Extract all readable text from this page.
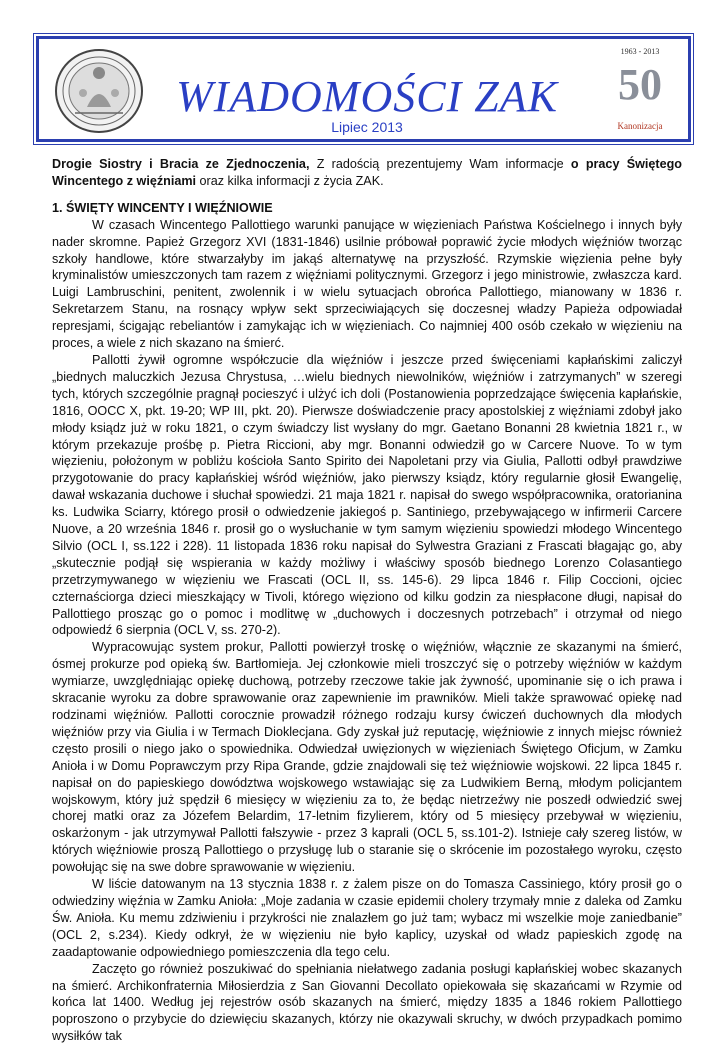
WIADOMOŚCI ZAK
Lipiec 2013
1963 - 2013
50
Kanonizacja

Drogie Siostry i Bracia ze Zjednoczenia, Z radością prezentujemy Wam informacje o pracy Świętego Wincentego z więźniami oraz kilka informacji z życia ZAK.

1. ŚWIĘTY WINCENTY I WIĘŹNIOWIE

W czasach Wincentego Pallottiego warunki panujące w więzieniach Państwa Kościelnego i innych były nader skromne. Papież Grzegorz XVI (1831-1846) usilnie próbował poprawić życie młodych więźniów tworząc szkoły handlowe, które stwarzałyby im jakąś alternatywę na przyszłość. Rzymskie więzienia pełne były kryminalistów umieszczonych tam razem z więźniami politycznymi. Grzegorz i jego ministrowie, zwłaszcza kard. Luigi Lambruschini, penitent, zwolennik i w wielu sytuacjach obrońca Pallottiego, mianowany w 1836 r. Sekretarzem Stanu, na rosnący wpływ sekt sprzeciwiających się doczesnej władzy Papieża odpowiadał represjami, ścigając rebeliantów i zamykając ich w więzieniach. Co najmniej 400 osób czekało w więzieniu na proces, a wiele z nich skazano na śmierć.

Pallotti żywił ogromne współczucie dla więźniów i jeszcze przed święceniami kapłańskimi zaliczył „biednych maluczkich Jezusa Chrystusa, …wielu biednych niewolników, więźniów i zatrzymanych” w szeregi tych, których szczególnie pragnął pocieszyć i ulżyć ich doli (Postanowienia poprzedzające święcenia kapłańskie, 1816, OOCC X, pkt. 19-20; WP III, pkt. 20). Pierwsze doświadczenie pracy apostolskiej z więźniami zdobył jako młody ksiądz już w roku 1821, o czym świadczy list wysłany do mgr. Gaetano Bonanni 28 kwietnia 1821 r., w którym przekazuje prośbę p. Pietra Riccioni, aby mgr. Bonanni odwiedził go w Carcere Nuove. To w tym więzieniu, położonym w pobliżu kościoła Santo Spirito dei Napoletani przy via Giulia, Pallotti odbył prawdziwe przygotowanie do pracy kapłańskiej wśród więźniów, jako pierwszy ksiądz, który regularnie głosił Ewangelię, dawał wskazania duchowe i słuchał spowiedzi. 21 maja 1821 r. napisał do swego współpracownika, oratorianina ks. Ludwika Sciarry, którego prosił o odwiedzenie jakiegoś p. Santiniego, przebywającego w infirmerii Carcere Nuove, a 20 września 1846 r. prosił go o wysłuchanie w tym samym więzieniu spowiedzi młodego Wincentego Silvio (OCL I, ss.122 i 228). 11 listopada 1836 roku napisał do Sylwestra Graziani z Frascati błagając go, aby „skutecznie podjął się wspierania w każdy możliwy i właściwy sposób biednego Lorenzo Colasantiego przetrzymywanego w więzieniu we Frascati (OCL II, ss. 145-6). 29 lipca 1846 r. Filip Coccioni, ojciec czternaściorga dzieci mieszkający w Tivoli, którego więziono od kilku godzin za niespłacone długi, napisał do Pallottiego prosząc go o pomoc i modlitwę w „duchowych i doczesnych potrzebach” i otrzymał od niego odpowiedź 6 sierpnia (OCL V, ss. 270-2).

Wypracowując system prokur, Pallotti powierzył troskę o więźniów, włącznie ze skazanymi na śmierć, ósmej prokurze pod opieką św. Bartłomieja. Jej członkowie mieli troszczyć się o potrzeby więźniów w każdym wymiarze, uwzględniając opiekę duchową, potrzeby rzeczowe takie jak żywność, upominanie się o ich prawa i skracanie wyroku za dobre sprawowanie oraz zapewnienie im prawników. Mieli także sprawować opiekę nad rodzinami więźniów. Pallotti corocznie prowadził różnego rodzaju kursy ćwiczeń duchownych dla młodych więźniów przy via Giulia i w Termach Dioklecjana. Gdy zyskał już reputację, więźniowie z innych miejsc również często prosili o niego jako o spowiednika. Odwiedzał uwięzionych w więzieniach Świętego Oficjum, w Zamku Anioła i w Domu Poprawczym przy Ripa Grande, gdzie znajdowali się też więźniowie wojskowi. 22 lipca 1845 r. napisał on do papieskiego dowództwa wojskowego wstawiając się za Ludwikiem Berną, młodym policjantem wojskowym, który już spędził 6 miesięcy w więzieniu za to, że będąc nietrzeźwy nie poszedł odwiedzić swej chorej matki oraz za Józefem Belardim, 17-letnim fizylierem, który od 5 miesięcy przebywał w więzieniu, oskarżonym - jak utrzymywał Pallotti fałszywie - przez 3 kaprali (OCL 5, ss.101-2). Istnieje cały szereg listów, w których więźniowie proszą Pallottiego o przysługę lub o staranie się o skrócenie im pozostałego wyroku, często powołując się na swe dobre sprawowanie w więzieniu.

W liście datowanym na 13 stycznia 1838 r. z żalem pisze on do Tomasza Cassiniego, który prosił go o odwiedziny więźnia w Zamku Anioła: „Moje zadania w czasie epidemii cholery trzymały mnie z daleka od Zamku Św. Anioła. Ku memu zdziwieniu i przykrości nie znalazłem go już tam; wybacz mi wszelkie moje zaniedbanie” (OCL 2, s.234). Kiedy odkrył, że w więzieniu nie było kaplicy, uzyskał od władz papieskich zgodę na zaadaptowanie odpowiedniego pomieszczenia dla tego celu.

Zaczęto go również poszukiwać do spełniania niełatwego zadania posługi kapłańskiej wobec skazanych na śmierć. Archikonfraternia Miłosierdzia z San Giovanni Decollato opiekowała się skazańcami w Rzymie od końca lat 1400. Według jej rejestrów osób skazanych na śmierć, między 1835 a 1846 rokiem Pallottiego poproszono o przybycie do dziewięciu skazanych, którzy nie okazywali skruchy, w dwóch przypadkach pomimo wysiłków tak
